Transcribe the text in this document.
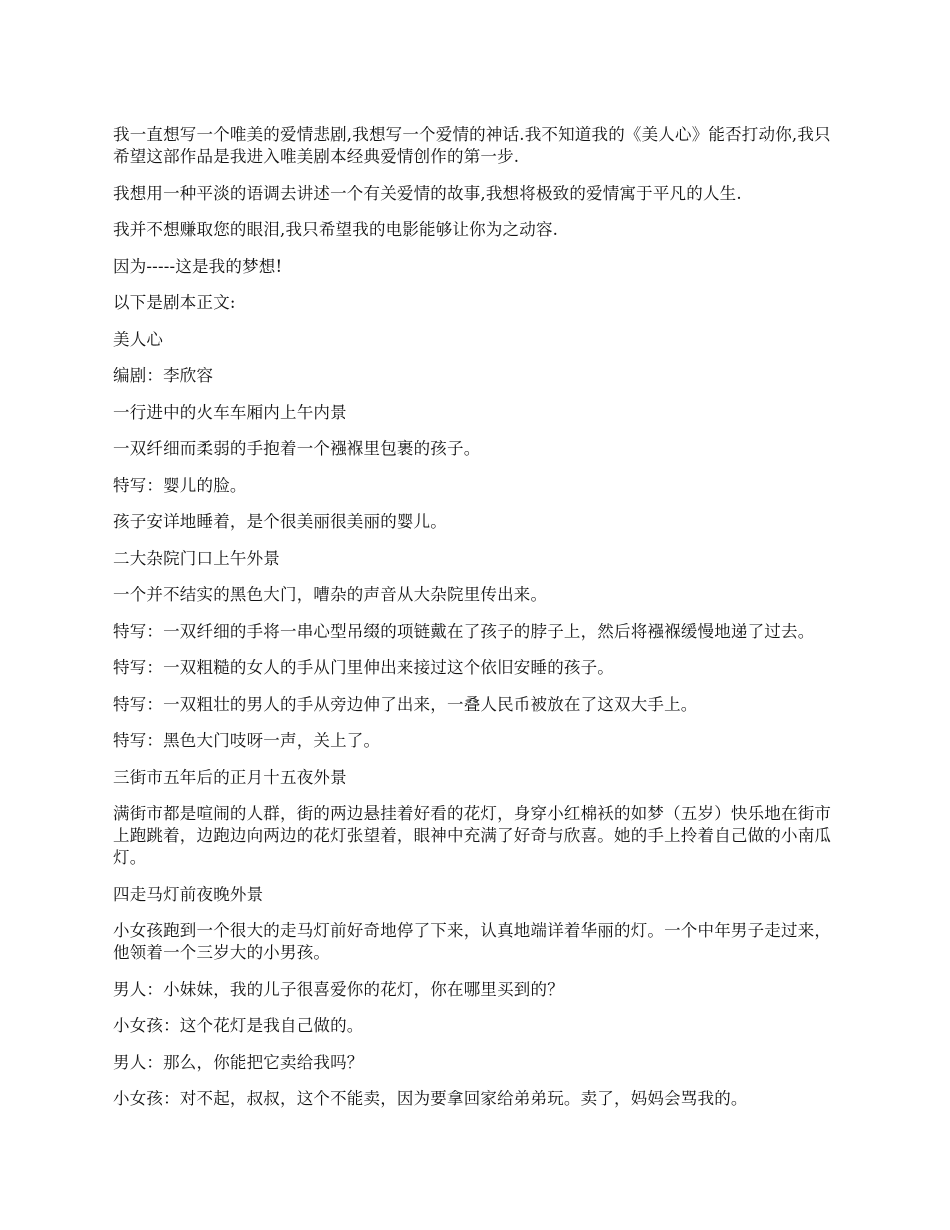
我一直想写一个唯美的爱情悲剧,我想写一个爱情的神话.我不知道我的《美人心》能否打动你,我只希望这部作品是我进入唯美剧本经典爱情创作的第一步.

我想用一种平淡的语调去讲述一个有关爱情的故事,我想将极致的爱情寓于平凡的人生.

我并不想赚取您的眼泪,我只希望我的电影能够让你为之动容.

因为-----这是我的梦想!

以下是剧本正文:

美人心

编剧：李欣容

一行进中的火车车厢内上午内景

一双纤细而柔弱的手抱着一个襁褓里包裹的孩子。

特写：婴儿的脸。

孩子安详地睡着，是个很美丽很美丽的婴儿。

二大杂院门口上午外景

一个并不结实的黑色大门，嘈杂的声音从大杂院里传出来。

特写：一双纤细的手将一串心型吊缀的项链戴在了孩子的脖子上，然后将襁褓缓慢地递了过去。

特写：一双粗糙的女人的手从门里伸出来接过这个依旧安睡的孩子。

特写：一双粗壮的男人的手从旁边伸了出来，一叠人民币被放在了这双大手上。

特写：黑色大门吱呀一声，关上了。

三街市五年后的正月十五夜外景

满街市都是喧闹的人群，街的两边悬挂着好看的花灯，身穿小红棉袄的如梦（五岁）快乐地在街市上跑跳着，边跑边向两边的花灯张望着，眼神中充满了好奇与欣喜。她的手上拎着自己做的小南瓜灯。

四走马灯前夜晚外景

小女孩跑到一个很大的走马灯前好奇地停了下来，认真地端详着华丽的灯。一个中年男子走过来，他领着一个三岁大的小男孩。

男人：小妹妹，我的儿子很喜爱你的花灯，你在哪里买到的？

小女孩：这个花灯是我自己做的。

男人：那么，你能把它卖给我吗？

小女孩：对不起，叔叔，这个不能卖，因为要拿回家给弟弟玩。卖了，妈妈会骂我的。
